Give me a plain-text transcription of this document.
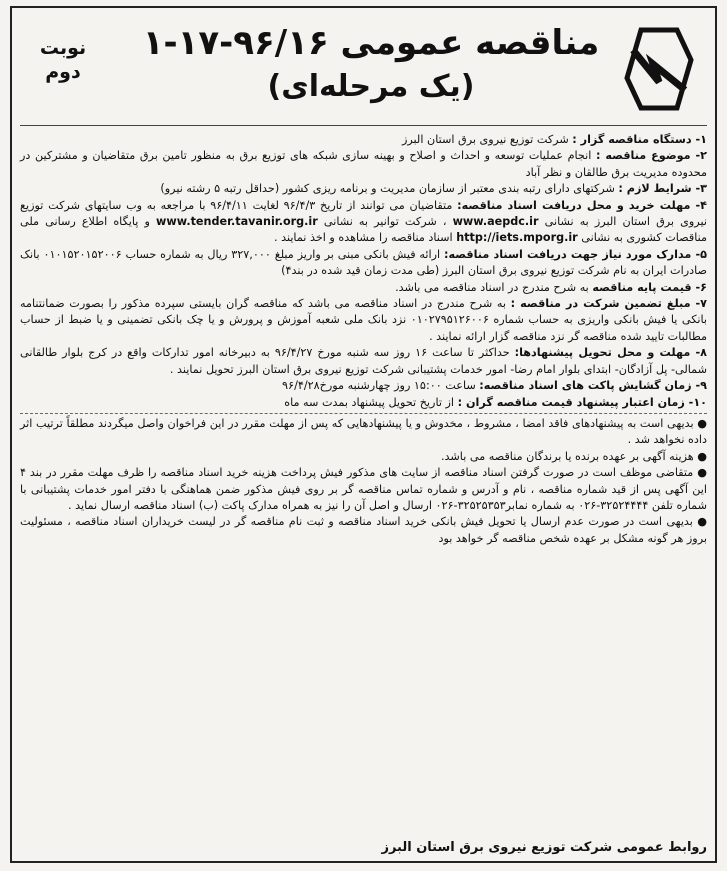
مناقصه عمومی ۹۶/۱۶-۱۷-۱
(یک مرحله‌ای)
نوبت
دوم

۱- دستگاه مناقصه گزار : شرکت توزیع نیروی برق استان البرز

۲- موضوع مناقصه : انجام عملیات توسعه و احداث و اصلاح و بهینه سازی شبکه های توزیع برق به منظور تامین برق متقاضیان و مشترکین در محدوده مدیریت برق طالقان و نظر آباد

۳- شرایط لازم : شرکتهای دارای رتبه بندی معتبر از سازمان مدیریت و برنامه ریزی کشور (حداقل رتبه ۵ رشته نیرو)

۴- مهلت خرید و محل دریافت اسناد مناقصه: متقاضیان می توانند از تاریخ ۹۶/۴/۳ لغایت ۹۶/۴/۱۱ با مراجعه به وب سایتهای شرکت توزیع نیروی برق استان البرز به نشانی www.aepdc.ir ، شرکت توانیر به نشانی www.tender.tavanir.org.ir و پایگاه اطلاع رسانی ملی مناقصات کشوری به نشانی http://iets.mporg.ir اسناد مناقصه را مشاهده و اخذ نمایند .

۵- مدارک مورد نیاز جهت دریافت اسناد مناقصه: ارائه فیش بانکی مبنی بر واریز مبلغ ۳۲۷,۰۰۰ ریال به شماره حساب ۰۱۰۱۵۲۰۱۵۲۰۰۶ بانک صادرات ایران به نام شرکت توزیع نیروی برق استان البرز (طی مدت زمان قید شده در بند۴)

۶- قیمت پایه مناقصه به شرح مندرج در اسناد مناقصه می باشد.

۷- مبلغ تضمین شرکت در مناقصه : به شرح مندرج در اسناد مناقصه می باشد که مناقصه گران بایستی سپرده مذکور را بصورت ضمانتنامه بانکی یا فیش بانکی واریزی به حساب شماره ۰۱۰۲۷۹۵۱۲۶۰۰۶ نزد بانک ملی شعبه آموزش و پرورش و یا چک بانکی تضمینی و یا ضبط از حساب مطالبات تایید شده مناقصه گر نزد مناقصه گزار ارائه نمایند .

۸- مهلت و محل تحویل پیشنهادها: حداکثر تا ساعت ۱۶ روز سه شنبه مورخ ۹۶/۴/۲۷ به دبیرخانه امور تدارکات واقع در کرج بلوار طالقانی شمالی- پل آزادگان- ابتدای بلوار امام رضا- امور خدمات پشتیبانی شرکت توزیع نیروی برق استان البرز تحویل نمایند .

۹- زمان گشایش پاکت های اسناد مناقصه: ساعت ۱۵:۰۰ روز چهارشنبه مورخ۹۶/۴/۲۸

۱۰- زمان اعتبار پیشنهاد قیمت مناقصه گران : از تاریخ تحویل پیشنهاد بمدت سه ماه

● بدیهی است به پیشنهادهای فاقد امضا ، مشروط ، مخدوش و یا پیشنهادهایی که پس از مهلت مقرر در این فراخوان واصل میگردند مطلقاً ترتیب اثر داده نخواهد شد .

● هزینه آگهی بر عهده برنده یا برندگان مناقصه می باشد.

● متقاضی موظف است در صورت گرفتن اسناد مناقصه از سایت های مذکور فیش پرداخت هزینه خرید اسناد مناقصه را ظرف مهلت مقرر در بند ۴ این آگهی پس از قید شماره مناقصه ، نام و آدرس و شماره تماس مناقصه گر بر روی فیش مذکور ضمن هماهنگی با دفتر امور خدمات پشتیبانی با شماره تلفن ۳۲۵۲۴۴۴۴-۰۲۶ به شماره نمابر۳۲۵۲۵۳۵۳-۰۲۶ ارسال و اصل آن را نیز به همراه مدارک پاکت (ب) اسناد مناقصه ارسال نماید .

● بدیهی است در صورت عدم ارسال یا تحویل فیش بانکی خرید اسناد مناقصه و ثبت نام مناقصه گر در لیست خریداران اسناد مناقصه ، مسئولیت بروز هر گونه مشکل بر عهده شخص مناقصه گر خواهد بود

روابط عمومی شرکت توزیع نیروی برق استان البرز
